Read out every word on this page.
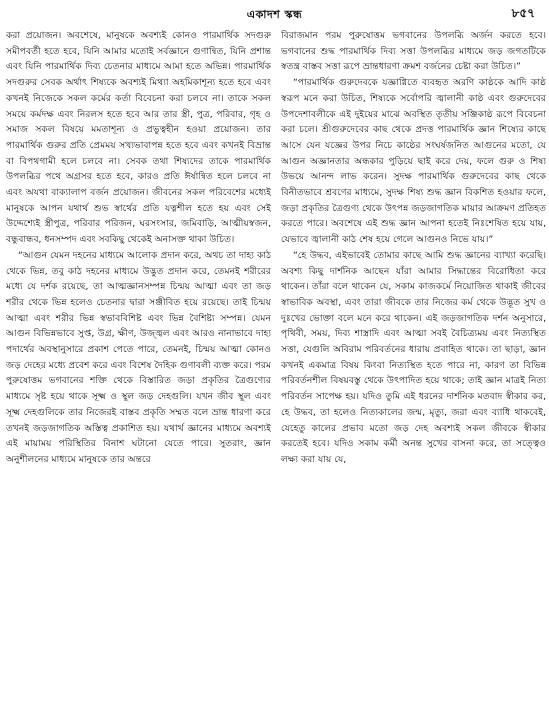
একাদশ স্কন্ধ	৮৫৭

করা প্রয়োজন। অবশেষে, মানুষকে অবশ্যই কোনও পারমার্থিক সদগুরু সমীপবর্তী হতে হবে, যিনি আমার মতোই সর্বজ্ঞানে গুণান্বিত, যিনি প্রশান্ত এবং যিনি পারমার্থিক দিব্য চেতনার মাধ্যমে আমা হতে অভিন্ন। পারমার্থিক সদগুরুর সেবক অর্থাৎ শিষ্যকে অবশ্যই মিথ্যা অহমিকাশূন্য হতে হবে এবং কখনই নিজেকে সকল কর্মের কর্তা বিবেচনা করা চলবে না। তাকে সকল সময়ে কর্মদক্ষ এবং নিরলস হতে হবে আর তার স্ত্রী, পুত্র, পরিবার, গৃহ ও সমাজ সকল বিষয়ে মমতাশূন্য ও প্রভুত্বহীন হওয়া প্রয়োজন। তার পারমার্থিক গুরুর প্রতি প্রেমময় সখ্যভাবাপন্ন হতে হবে এবং কখনই বিভ্রান্ত বা বিপথগামী হলে চলবে না। সেবক তথা শিষ্যদের তাকে পারমার্থিক উপলব্ধির পথে অগ্রসর হতে হবে, কারও প্রতি ঈর্ষান্বিত হলে চলবে না এবং অযথা বাক্যালাপ বর্জন প্রয়োজন। জীবনের সকল পরিবেশের মধ্যেই মানুষকে আপন যথার্থ শুভ স্বার্থের প্রতি যত্নশীল হতে হয় এবং সেই উদ্দেশ্যেই স্ত্রীপুত্র, পরিবার পরিজন, ঘরসংসার, জমিবাড়ি, আত্মীয়স্বজন, বন্ধুবান্ধব, ধনসম্পদ এবং সবকিছু থেকেই অনাসক্ত থাকা উচিত।

“আগুন যেমন দহনের মাধ্যমে আলোক প্রদান করে, অথচ তা দাহ্য কাঠ থেকে ভিন্ন, তবু কাঠ দহনের মাধ্যমে উদ্ভুত প্রদান করে, তেমনই শরীরের মধ্যে যে দর্শক রয়েছে, তা আত্মজ্ঞানসম্পন্ন চিন্ময় আত্মা এবং তা জড় শরীর থেকে ভিন্ন হলেও চেতনার দ্বারা সঞ্জীবিত হয়ে রয়েছে। তাই চিন্ময় আত্মা এবং শরীর ভিন্ন স্বভাববিশিষ্ট এবং ভিন্ন বৈশিষ্ট্য সম্পন্ন। যেমন আগুন বিভিন্নভাবে সুপ্ত, উগ্র, ক্ষীণ, উজ্জ্বল এবং আরও নানাভাবে দাহ্য পদার্থের অবস্থানুসারে প্রকাশ পেতে পারে, তেমনই, চিন্ময় আত্মা কোনও জড় দেহের মধ্যে প্রবেশ করে এবং বিশেষ দৈহিক গুণাবলী ব্যক্ত করে। পরম পুরুষোত্তম ভগবানের শক্তি থেকে বিস্তারিত জড়া প্রকৃতির ত্রৈগুণ্যের মাধ্যমে সৃষ্ট হয়ে থাকে সূক্ষ্ম ও স্থূল জড় দেহগুলি। যখন জীব স্থূল এবং সূক্ষ্ম দেহগুলিকে তার নিজেরই বাস্তব প্রকৃতি সম্মত বলে ভ্রান্ত ধারণা করে তখনই জড়জাগতিক অস্তিত্ব প্রকাশিত হয়। যথার্থ জ্ঞানের মাধ্যমে অবশ্যই এই মায়াময় পরিস্থিতির বিনাশ ঘটানো যেতে পারে। সুতরাং, জ্ঞান অনুশীলনের মাধ্যমে মানুষকে তার অন্তরে

বিরাজমান পরম পুরুষোত্তম ভগবানের উপলব্ধি অর্জন করতে হবে। ভগবানের শুদ্ধ পারমার্থিক দিব্য সত্তা উপলব্ধির মাধ্যমে জড় জগতটিকে স্বতন্ত্র বাস্তব সত্তা রূপে ভ্রান্তধারণা ক্রমশ বর্জনের চেষ্টা করা উচিত।”

“পারমার্থিক গুরুদেবকে যজ্ঞাগ্নিতে ব্যবহৃত অরণি কাষ্ঠকে আদি কাষ্ঠ স্বরূপ মনে করা উচিত, শিষ্যকে সর্বোপরি জ্বালানী কাষ্ঠ এবং গুরুদেবের উপদেশাবলীকে এই দুইয়ের মাঝে অবস্থিত তৃতীয় সঞ্জিকাষ্ঠ রূপে বিবেচনা করা চলে। শ্রীগুরুদেবের কাছ থেকে প্রদত্ত পারমার্থিক জ্ঞান শিষ্যের কাছে আসে যেন যজ্ঞের উপর নিচে কাষ্ঠের সংঘর্ষজনিত আগুনের মতো, যে আগুন অজ্ঞানতার অন্ধকার পুড়িয়ে ছাই করে দেয়, ফলে গুরু ও শিষ্য উভয়ে আনন্দ লাভ করেন। সুদক্ষ পারমার্থিক গুরুদেবের কাছ থেকে বিনীতভাবে শ্রবণের মাধ্যমে, সুদক্ষ শিষ্য শুদ্ধ জ্ঞান বিকশিত হওয়ার ফলে, জড়া প্রকৃতির ত্রৈগুণ্য থেকে উৎপন্ন জড়জাগতিক মায়ার আক্রমণ প্রতিহত করতে পারে। অবশেষে এই শুদ্ধ জ্ঞান আপনা হতেই নিঃশেষিত হয়ে যায়, যেভাবে জ্বালানী কাঠ শেষ হয়ে গেলে আগুনও নিভে যায়।”

“হে উদ্ধব, এইভাবেই তোমার কাছে আমি শুদ্ধ জ্ঞানের ব্যাখ্যা করেছি। অবশ্য কিছু দার্শনিক আছেন যাঁরা আমার সিদ্ধান্তের বিরোধিতা করে থাকেন। তাঁরা বলে থাকেন যে, সকাম কাজকর্মে নিয়োজিত থাকাই জীবের স্বাভাবিক অবস্থা, এবং তারা জীবকে তার নিজের কর্ম থেকে উদ্ভূত সুখ ও দুঃখের ভোক্তা বলে মনে করে থাকেন। এই জড়জাগতিক দর্শন অনুসারে, পৃথিবী, সময়, দিব্য শাস্ত্রাদি এবং আত্মা সবই বৈচিত্র্যময় এবং নিত্যস্থিত সত্তা, যেগুলি অবিরাম পরিবর্তনের ধারায় প্রবাহিত থাকে। তা ছাড়া, জ্ঞান কখনই একমাত্র বিষয় কিংবা নিত্যস্থিত হতে পারে না, কারণ তা বিভিন্ন পরিবর্তনশীল বিষয়বস্তু থেকে উৎপাদিত হয়ে থাকে; তাই জ্ঞান মাত্রই নিত্য পরিবর্তন সাপেক্ষ হয়। যদিও তুমি এই ধরনের দার্শনিক মতবাদ স্বীকার কর, হে উদ্ধব, তা হলেও নিত্যকালের জন্ম, মৃত্যু, জরা এবং ব্যাধি থাকবেই, যেহেতু কালের প্রভাব মতো জড় দেহ অবশ্যই সকল জীবকে স্বীকার করতেই হবে। যদিও সকাম কর্মী অনন্ত সুখের বাসনা করে, তা সত্ত্বেও লক্ষ্য করা যায় যে,
